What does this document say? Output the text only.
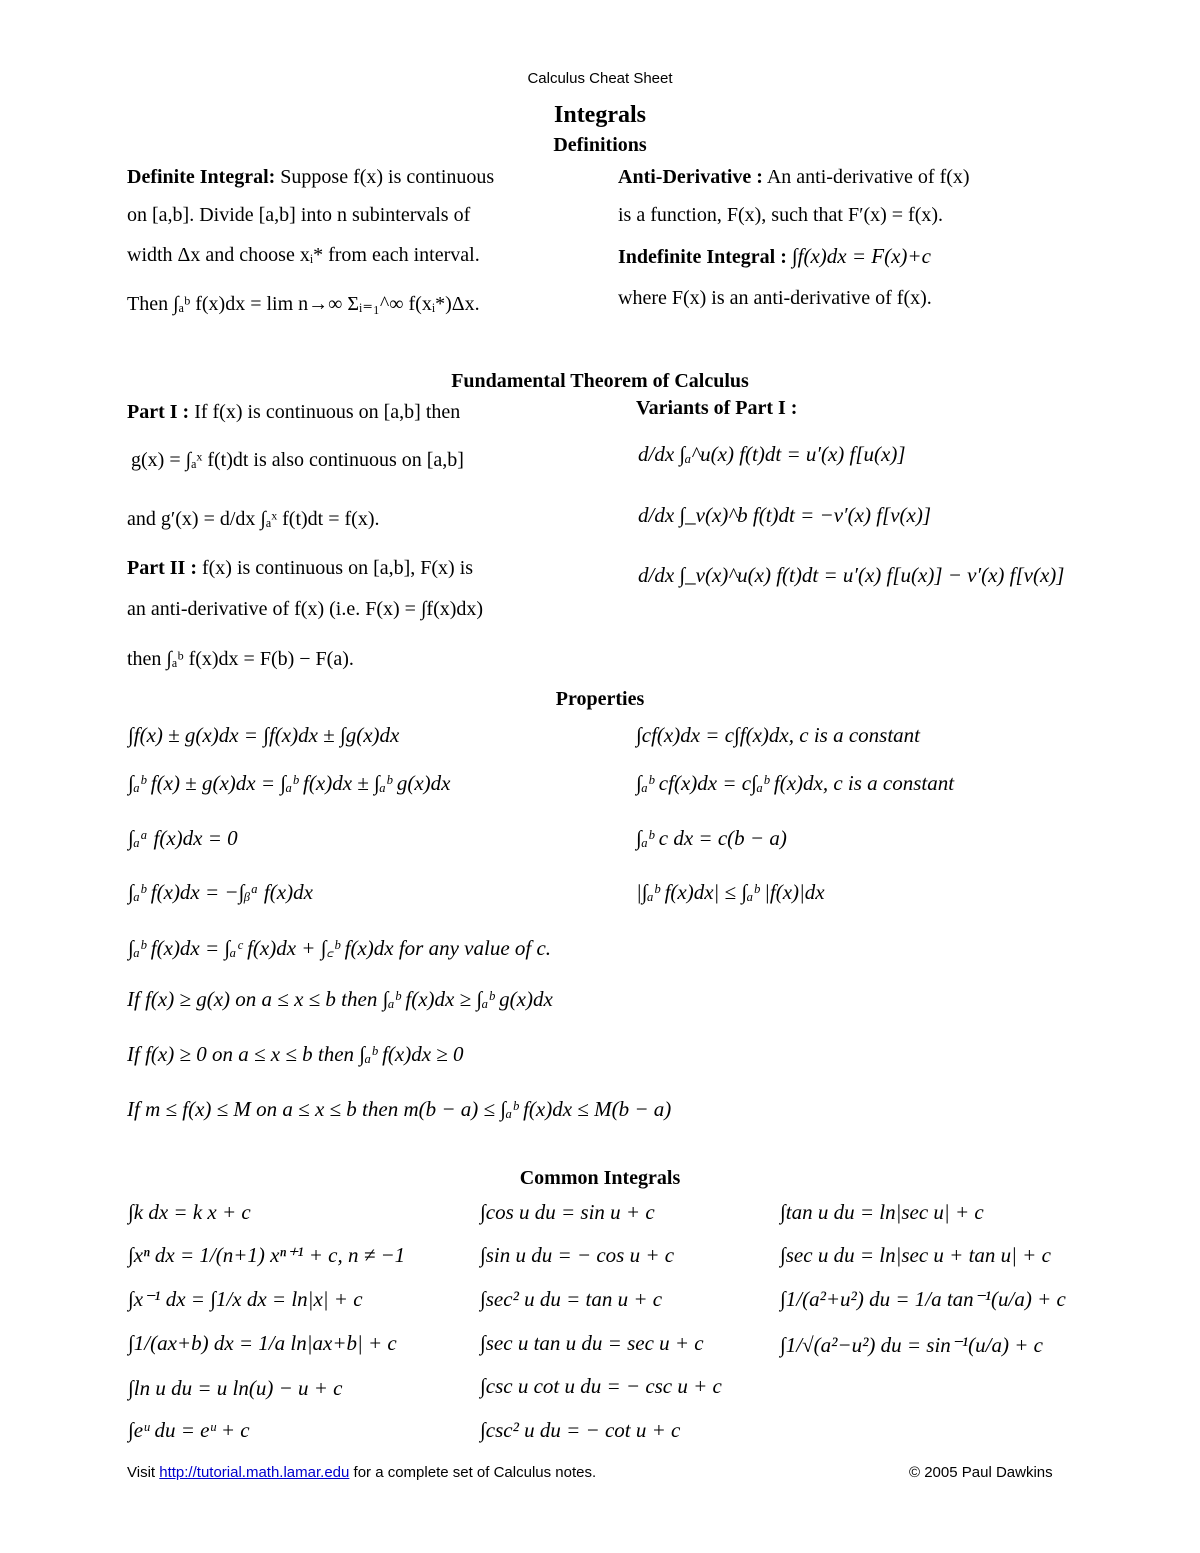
Calculus Cheat Sheet
Integrals
Definitions
Definite Integral: Suppose f(x) is continuous
on [a,b]. Divide [a,b] into n subintervals of
width Δx and choose xᵢ* from each interval.
Then ∫ₐᵇ f(x)dx = lim n→∞ Σᵢ₌₁^∞ f(xᵢ*)Δx.
Anti-Derivative : An anti-derivative of f(x)
is a function, F(x), such that F′(x) = f(x).
Indefinite Integral : ∫f(x)dx = F(x)+c
where F(x) is an anti-derivative of f(x).
Fundamental Theorem of Calculus
Part I : If f(x) is continuous on [a,b] then
g(x) = ∫ₐˣ f(t)dt is also continuous on [a,b]
and g′(x) = d/dx ∫ₐˣ f(t)dt = f(x).
Part II : f(x) is continuous on [a,b], F(x) is
an anti-derivative of f(x) (i.e. F(x) = ∫f(x)dx)
then ∫ₐᵇ f(x)dx = F(b) − F(a).
Variants of Part I :
d/dx ∫ₐ^u(x) f(t)dt = u′(x) f[u(x)]
d/dx ∫_v(x)^b f(t)dt = −v′(x) f[v(x)]
d/dx ∫_v(x)^u(x) f(t)dt = u′(x) f[u(x)] − v′(x) f[v(x)]
Properties
∫f(x) ± g(x)dx = ∫f(x)dx ± ∫g(x)dx
∫ₐᵇ f(x) ± g(x)dx = ∫ₐᵇ f(x)dx ± ∫ₐᵇ g(x)dx
∫ₐᵃ f(x)dx = 0
∫ₐᵇ f(x)dx = −∫ᵦᵃ f(x)dx
∫cf(x)dx = c∫f(x)dx, c is a constant
∫ₐᵇ cf(x)dx = c∫ₐᵇ f(x)dx, c is a constant
∫ₐᵇ c dx = c(b − a)
|∫ₐᵇ f(x)dx| ≤ ∫ₐᵇ |f(x)|dx
∫ₐᵇ f(x)dx = ∫ₐᶜ f(x)dx + ∫꜀ᵇ f(x)dx for any value of c.
If f(x) ≥ g(x) on a ≤ x ≤ b then ∫ₐᵇ f(x)dx ≥ ∫ₐᵇ g(x)dx
If f(x) ≥ 0 on a ≤ x ≤ b then ∫ₐᵇ f(x)dx ≥ 0
If m ≤ f(x) ≤ M on a ≤ x ≤ b then m(b − a) ≤ ∫ₐᵇ f(x)dx ≤ M(b − a)
Common Integrals
∫k dx = k x + c
∫xⁿ dx = 1/(n+1) xⁿ⁺¹ + c, n ≠ −1
∫x⁻¹ dx = ∫1/x dx = ln|x| + c
∫1/(ax+b) dx = 1/a ln|ax+b| + c
∫ln u du = u ln(u) − u + c
∫eᵘ du = eᵘ + c
∫cos u du = sin u + c
∫sin u du = − cos u + c
∫sec² u du = tan u + c
∫sec u tan u du = sec u + c
∫csc u cot u du = − csc u + c
∫csc² u du = − cot u + c
∫tan u du = ln|sec u| + c
∫sec u du = ln|sec u + tan u| + c
∫1/(a²+u²) du = 1/a tan⁻¹(u/a) + c
∫1/√(a²−u²) du = sin⁻¹(u/a) + c
Visit http://tutorial.math.lamar.edu for a complete set of Calculus notes.	© 2005 Paul Dawkins
